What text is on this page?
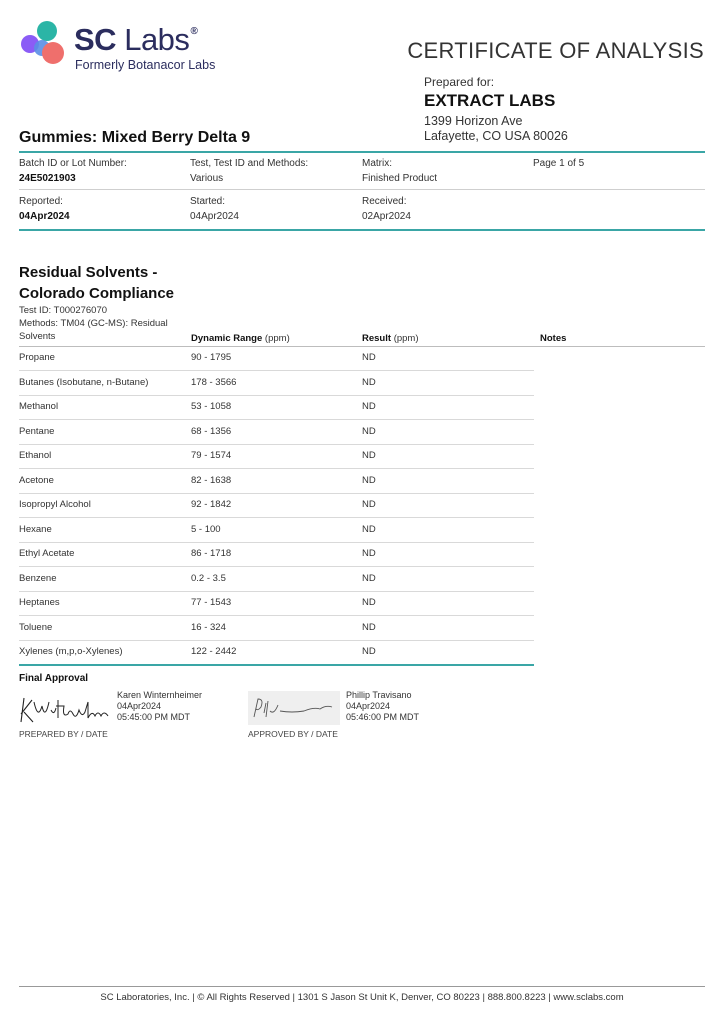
SC Labs®
Formerly Botanacor Labs
CERTIFICATE OF ANALYSIS
Prepared for:
EXTRACT LABS
1399 Horizon Ave
Lafayette, CO USA 80026
Gummies: Mixed Berry Delta 9
Batch ID or Lot Number:
24E5021903
Test, Test ID and Methods:
Various
Matrix:
Finished Product
Page 1 of 5
Reported:
04Apr2024
Started:
04Apr2024
Received:
02Apr2024
Residual Solvents -
Colorado Compliance
Test ID: T000276070
Methods: TM04 (GC-MS): Residual
Solvents	Dynamic Range (ppm)	Result (ppm)	Notes
Propane	90 - 1795	ND
Butanes (Isobutane, n-Butane)	178 - 3566	ND
Methanol	53 - 1058	ND
Pentane	68 - 1356	ND
Ethanol	79 - 1574	ND
Acetone	82 - 1638	ND
Isopropyl Alcohol	92 - 1842	ND
Hexane	5 - 100	ND
Ethyl Acetate	86 - 1718	ND
Benzene	0.2 - 3.5	ND
Heptanes	77 - 1543	ND
Toluene	16 - 324	ND
Xylenes (m,p,o-Xylenes)	122 - 2442	ND
Final Approval
Karen Winternheimer
04Apr2024
05:45:00 PM MDT
PREPARED BY / DATE
Phillip Travisano
04Apr2024
05:46:00 PM MDT
APPROVED BY / DATE
SC Laboratories, Inc. | © All Rights Reserved | 1301 S Jason St Unit K, Denver, CO 80223 | 888.800.8223 | www.sclabs.com
